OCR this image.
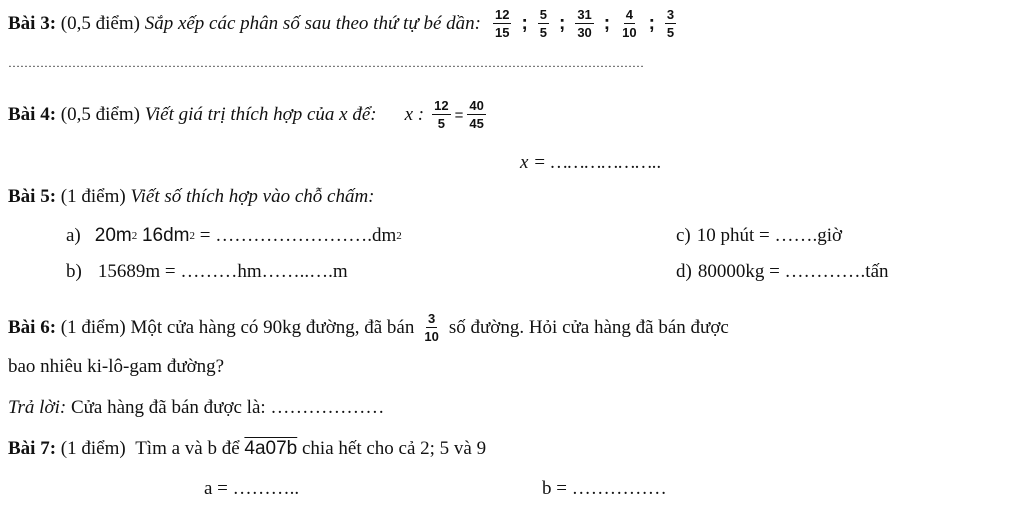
Bài 3:
(0,5 điểm)
Sắp xếp các phân số sau theo thứ tự bé dần: $\frac{12}{15}$ ; $\frac{5}{5}$ ; $\frac{31}{30}$ ; $\frac{4}{10}$ ; $\frac{3}{5}$
……………………………………………………………………………………………………………………………………………
Bài 4:
(0,5 điểm)
Viết giá trị thích hợp của x để: x : $\frac{12}{5} = \frac{40}{45}$
x = ………………..
Bài 5:
(1 điểm)
Viết số thích hợp vào chỗ chấm:
a) 20m 2
16dm 2
= …………………….dm 2	c) 10 phút = …….giờ
b) 15689m = ………hm……..….m	d) 80000kg = ………….tấn
Bài 6:
(1 điểm)
Một cửa hàng có 90kg đường, đã bán $\frac{3}{10}$ số đường. Hỏi cửa hàng đã bán được
bao nhiêu ki-lô-gam đường?
Trả lời:
Cửa hàng đã bán được là: ………………
Bài 7:
(1 điểm)
Tìm a và b để
4a07b
chia hết cho cả 2; 5 và 9
a = ………..	b = ……………
